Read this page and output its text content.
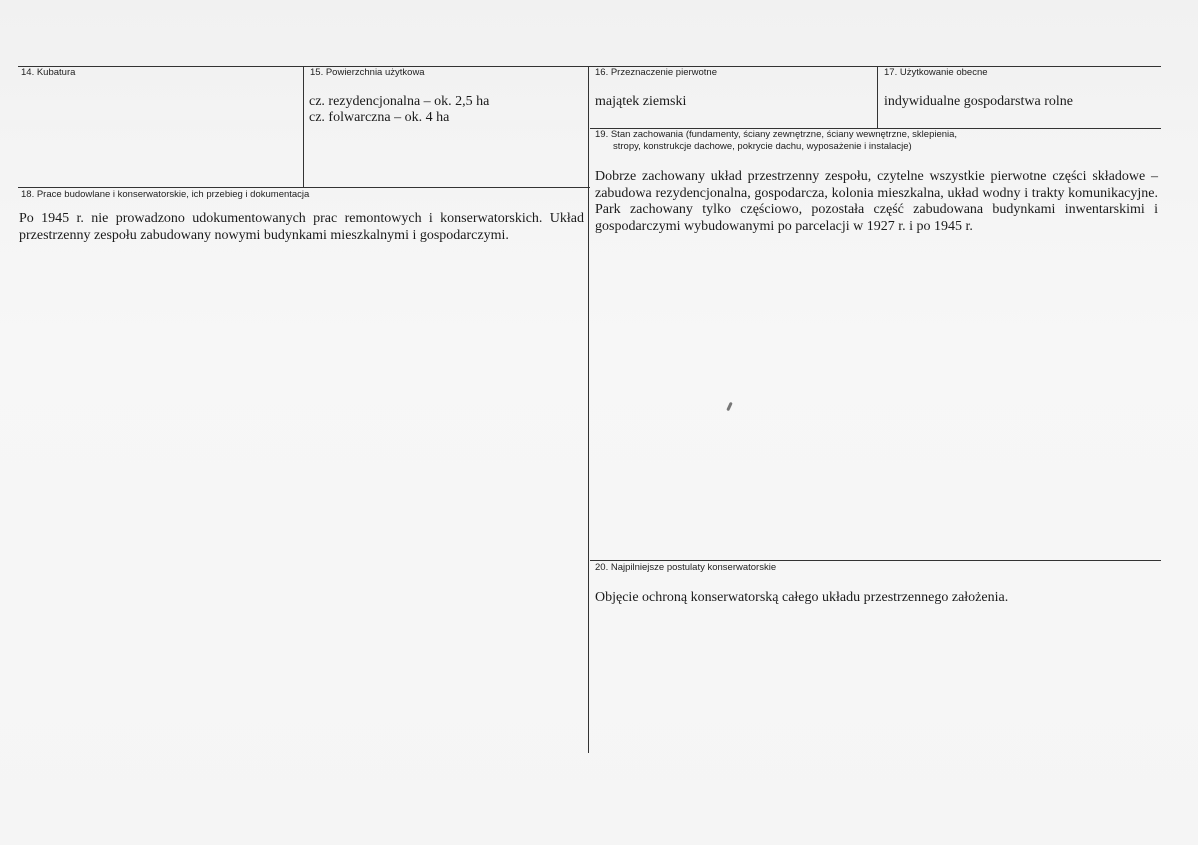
14. Kubatura	15. Powierzchnia użytkowa
cz. rezydencjonalna – ok. 2,5 ha
cz. folwarczna – ok. 4 ha
16. Przeznaczenie pierwotne
majątek ziemski
17. Użytkowanie obecne
indywidualne gospodarstwa rolne
18. Prace budowlane i konserwatorskie, ich przebieg i dokumentacja
Po 1945 r. nie prowadzono udokumentowanych prac remontowych i konserwatorskich. Układ przestrzenny zespołu zabudowany nowymi budynkami mieszkalnymi i gospodarczymi.
19. Stan zachowania (fundamenty, ściany zewnętrzne, ściany wewnętrzne, sklepienia,
stropy, konstrukcje dachowe, pokrycie dachu, wyposażenie i instalacje)
Dobrze zachowany układ przestrzenny zespołu, czytelne wszystkie pierwotne części składowe – zabudowa rezydencjonalna, gospodarcza, kolonia mieszkalna, układ wodny i trakty komunikacyjne. Park zachowany tylko częściowo, pozostała część zabudowana budynkami inwentarskimi i gospodarczymi wybudowanymi po parcelacji w 1927 r. i po 1945 r.
20. Najpilniejsze postulaty konserwatorskie
Objęcie ochroną konserwatorską całego układu przestrzennego założenia.
